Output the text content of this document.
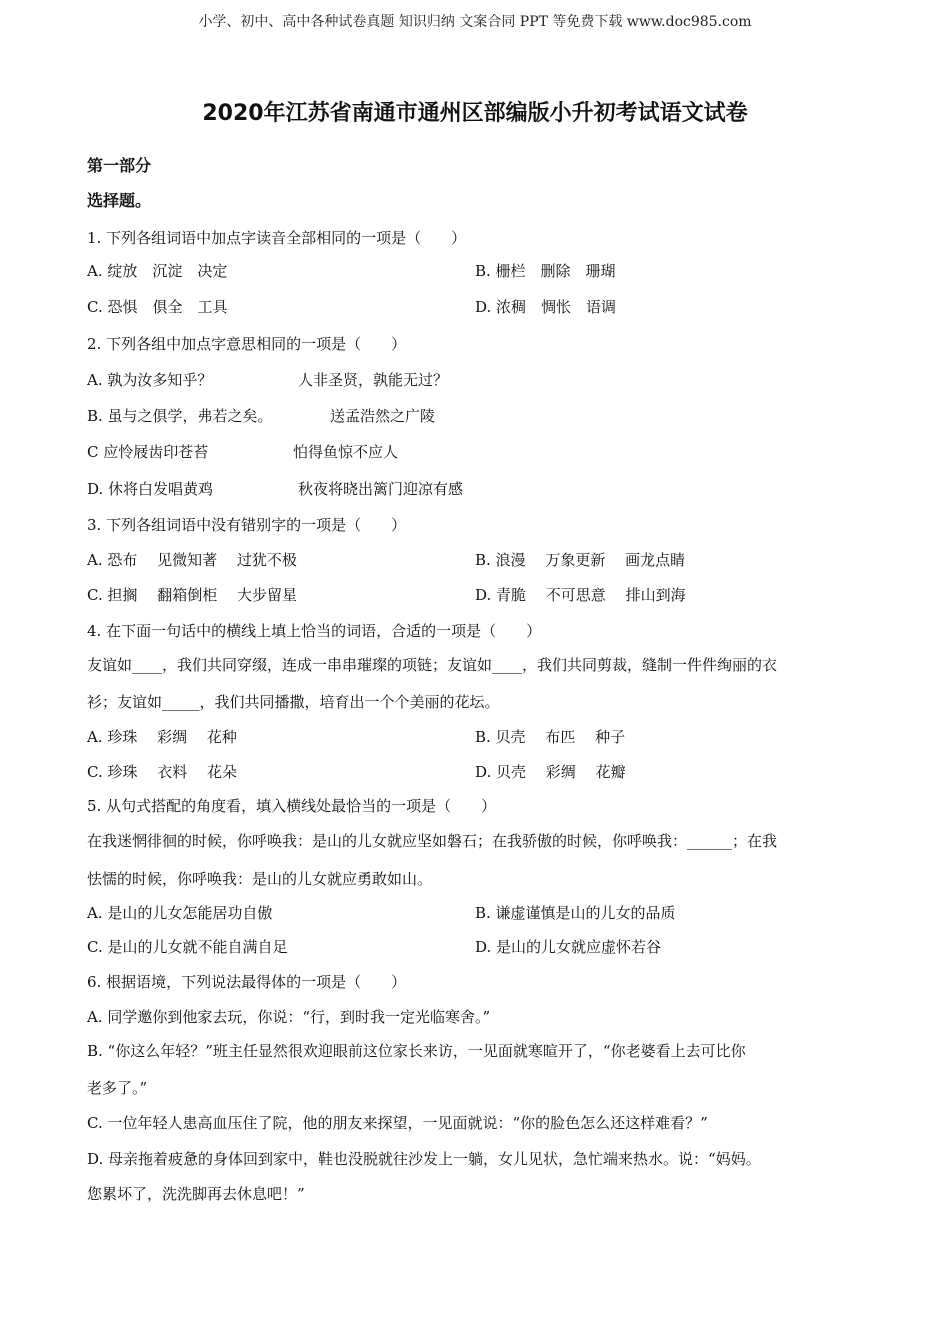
小学、初中、高中各种试卷真题 知识归纳 文案合同 PPT 等免费下载 www.doc985.com
2020年江苏省南通市通州区部编版小升初考试语文试卷
第一部分
选择题。
1. 下列各组词语中加点字读音全部相同的一项是（　　）
A. 绽放　沉淀　决定	B. 栅栏　删除　珊瑚
C. 恐惧　俱全　工具	D. 浓稠　惆怅　语调
2. 下列各组中加点字意思相同的一项是（　　）
A. 孰为汝多知乎？	人非圣贤，孰能无过？
B. 虽与之俱学，弗若之矣。	送孟浩然之广陵
C 应怜屐齿印苍苔	怕得鱼惊不应人
D. 休将白发唱黄鸡	秋夜将晓出篱门迎凉有感
3. 下列各组词语中没有错别字的一项是（　　）
A. 恐布　 见微知著　 过犹不极	B. 浪漫　 万象更新　 画龙点睛
C. 担搁　 翻箱倒柜　 大步留星	D. 青脆　 不可思意　 排山到海
4. 在下面一句话中的横线上填上恰当的词语，合适的一项是（　　）
友谊如____，我们共同穿缀，连成一串串璀璨的项链；友谊如____，我们共同剪裁，缝制一件件绚丽的衣
衫；友谊如_____，我们共同播撒，培育出一个个美丽的花坛。
A. 珍珠　 彩绸　 花种	B. 贝壳　 布匹　 种子
C. 珍珠　 衣料　 花朵	D. 贝壳　 彩绸　 花瓣
5. 从句式搭配的角度看，填入横线处最恰当的一项是（　　）
在我迷惘徘徊的时候，你呼唤我：是山的儿女就应坚如磐石；在我骄傲的时候，你呼唤我：______；在我
怯懦的时候，你呼唤我：是山的儿女就应勇敢如山。
A. 是山的儿女怎能居功自傲	B. 谦虚谨慎是山的儿女的品质
C. 是山的儿女就不能自满自足	D. 是山的儿女就应虚怀若谷
6. 根据语境，下列说法最得体的一项是（　　）
A. 同学邀你到他家去玩，你说：“行，到时我一定光临寒舍。”
B. “你这么年轻？”班主任显然很欢迎眼前这位家长来访，一见面就寒暄开了，“你老婆看上去可比你
老多了。”
C. 一位年轻人患高血压住了院，他的朋友来探望，一见面就说：“你的脸色怎么还这样难看？”
D. 母亲拖着疲惫的身体回到家中，鞋也没脱就往沙发上一躺，女儿见状，急忙端来热水。说：“妈妈。
您累坏了，洗洗脚再去休息吧！”
